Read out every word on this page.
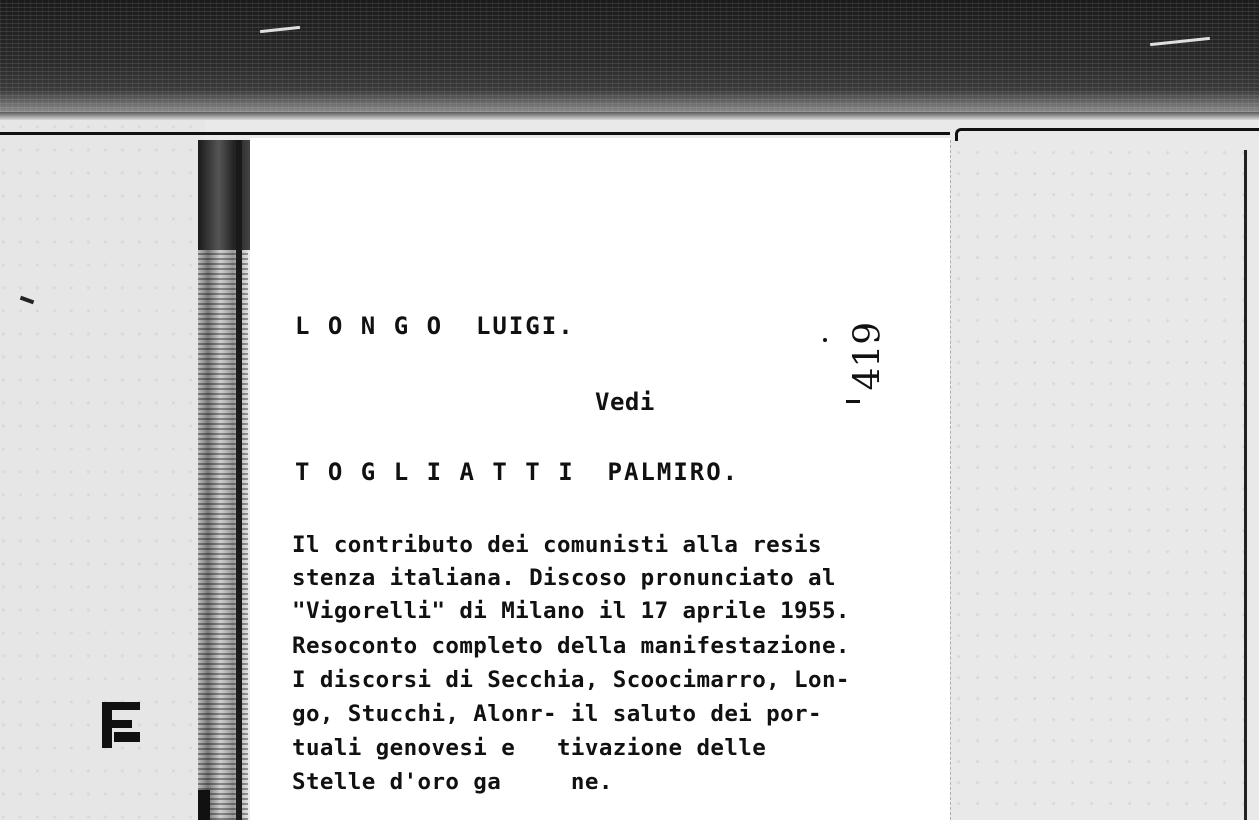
L O N G O  LUIGI.
Vedi
T O G L I A T T I  PALMIRO.
419
Il contributo dei comunisti alla resis
stenza italiana. Discoso pronunciato al
"Vigorelli" di Milano il 17 aprile 1955.
Resoconto completo della manifestazione.
I discorsi di Secchia, Scoocimarro, Lon-
go, Stucchi, Alonr- il saluto dei por-
tuali genovesi e   tivazione delle
Stelle d'oro ga     ne.
